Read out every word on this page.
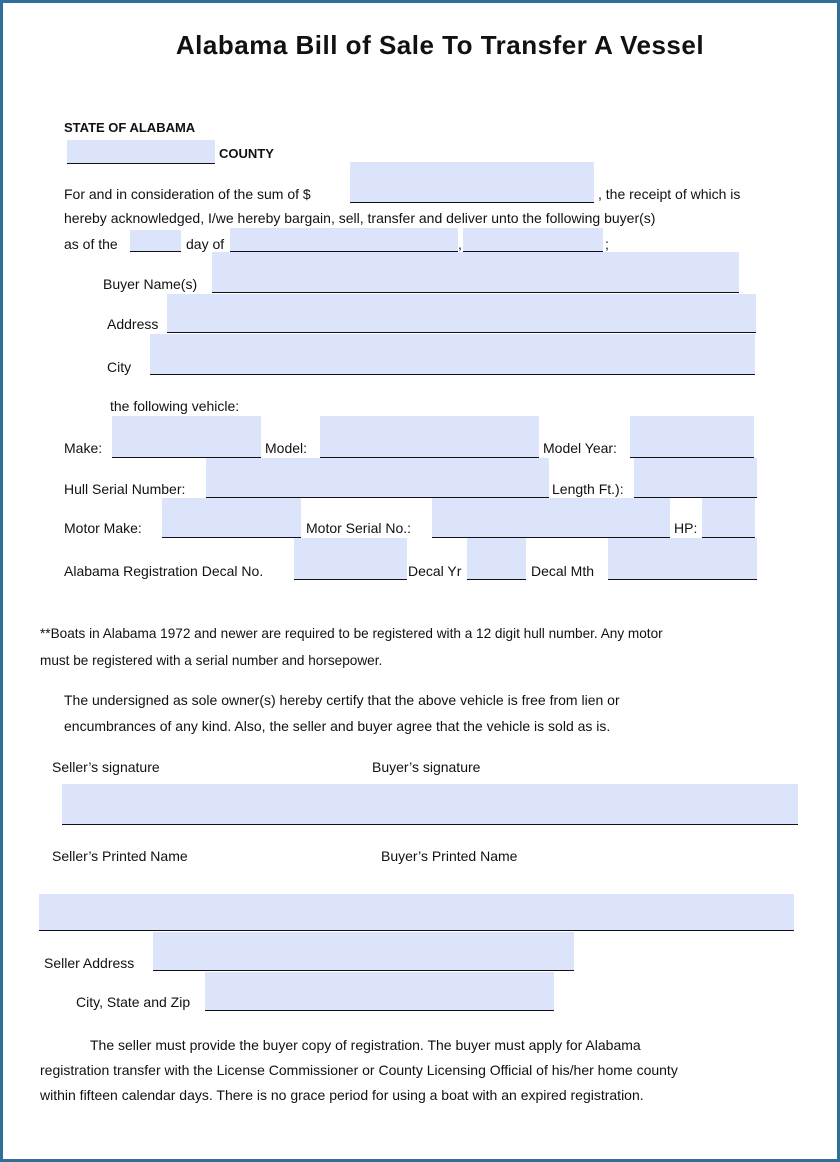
Alabama Bill of Sale To Transfer A Vessel
STATE OF ALABAMA
COUNTY
For and in consideration of the sum of $	, the receipt of which is
hereby acknowledged, I/we hereby bargain, sell, transfer and deliver unto the following buyer(s)
as of the	day of	,	;
Buyer Name(s)
Address
City
the following vehicle:
Make:	Model:	Model Year:
Hull Serial Number:	Length Ft.):
Motor Make:	Motor Serial No.:	HP:
Alabama Registration Decal No.	Decal Yr	Decal Mth
**Boats in Alabama 1972 and newer are required to be registered with a 12 digit hull number. Any motor
must be registered with a serial number and horsepower.
The undersigned as sole owner(s) hereby certify that the above vehicle is free from lien or
encumbrances of any kind. Also, the seller and buyer agree that the vehicle is sold as is.
Seller’s signature	Buyer’s signature
Seller’s Printed Name	Buyer’s Printed Name
Seller Address
City, State and Zip
The seller must provide the buyer copy of registration. The buyer must apply for Alabama
registration transfer with the License Commissioner or County Licensing Official of his/her home county
within fifteen calendar days. There is no grace period for using a boat with an expired registration.
